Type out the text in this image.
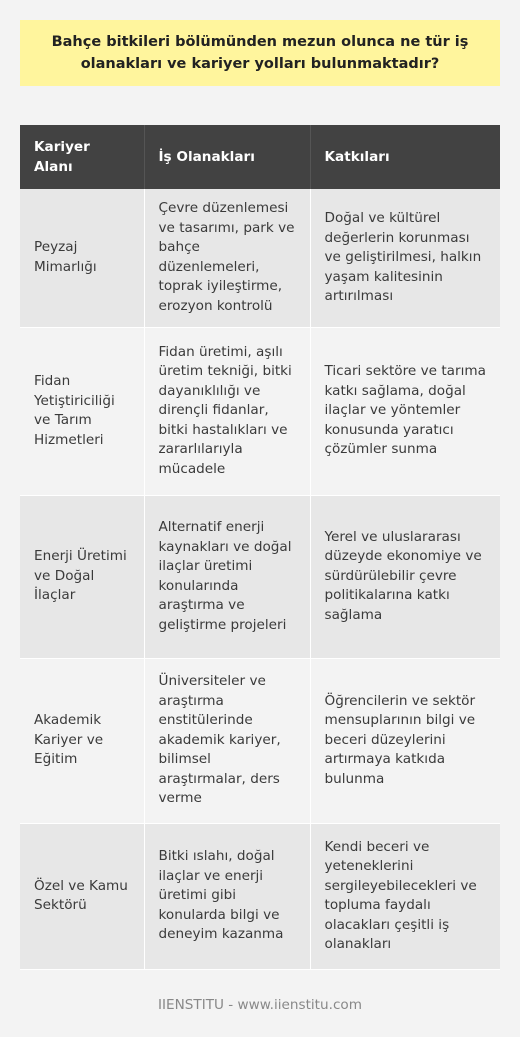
Bahçe bitkileri bölümünden mezun olunca ne tür iş olanakları ve kariyer yolları bulunmaktadır?
Kariyer Alanı	İş Olanakları	Katkıları
Peyzaj Mimarlığı	Çevre düzenlemesi ve tasarımı, park ve bahçe düzenlemeleri, toprak iyileştirme, erozyon kontrolü	Doğal ve kültürel değerlerin korunması ve geliştirilmesi, halkın yaşam kalitesinin artırılması
Fidan Yetiştiriciliği ve Tarım Hizmetleri	Fidan üretimi, aşılı üretim tekniği, bitki dayanıklılığı ve dirençli fidanlar, bitki hastalıkları ve zararlılarıyla mücadele	Ticari sektöre ve tarıma katkı sağlama, doğal ilaçlar ve yöntemler konusunda yaratıcı çözümler sunma
Enerji Üretimi ve Doğal İlaçlar	Alternatif enerji kaynakları ve doğal ilaçlar üretimi konularında araştırma ve geliştirme projeleri	Yerel ve uluslararası düzeyde ekonomiye ve sürdürülebilir çevre politikalarına katkı sağlama
Akademik Kariyer ve Eğitim	Üniversiteler ve araştırma enstitülerinde akademik kariyer, bilimsel araştırmalar, ders verme	Öğrencilerin ve sektör mensuplarının bilgi ve beceri düzeylerini artırmaya katkıda bulunma
Özel ve Kamu Sektörü	Bitki ıslahı, doğal ilaçlar ve enerji üretimi gibi konularda bilgi ve deneyim kazanma	Kendi beceri ve yeteneklerini sergileyebilecekleri ve topluma faydalı olacakları çeşitli iş olanakları
IIENSTITU - www.iienstitu.com
